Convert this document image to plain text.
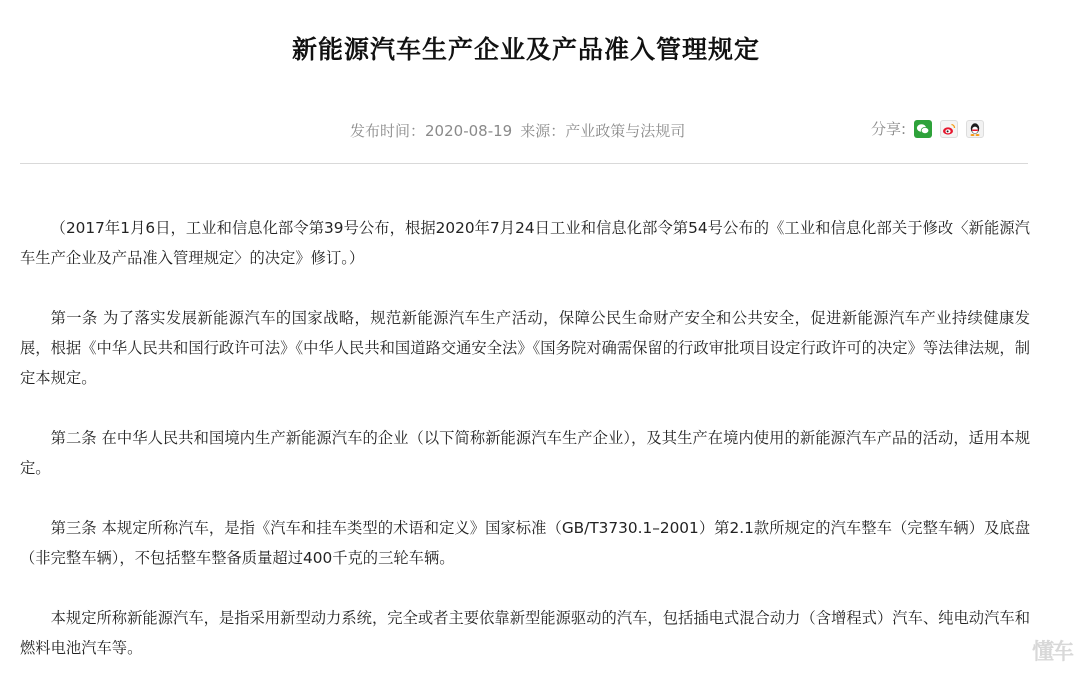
新能源汽车生产企业及产品准入管理规定
发布时间：2020-08-19 来源：产业政策与法规司	分享:

（2017年1月6日，工业和信息化部令第39号公布，根据2020年7月24日工业和信息化部令第54号公布的《工业和信息化部关于修改〈新能源汽车生产企业及产品准入管理规定〉的决定》修订。）

第一条 为了落实发展新能源汽车的国家战略，规范新能源汽车生产活动，保障公民生命财产安全和公共安全，促进新能源汽车产业持续健康发展，根据《中华人民共和国行政许可法》《中华人民共和国道路交通安全法》《国务院对确需保留的行政审批项目设定行政许可的决定》等法律法规，制定本规定。

第二条 在中华人民共和国境内生产新能源汽车的企业（以下简称新能源汽车生产企业），及其生产在境内使用的新能源汽车产品的活动，适用本规定。

第三条 本规定所称汽车，是指《汽车和挂车类型的术语和定义》国家标准（GB/T3730.1–2001）第2.1款所规定的汽车整车（完整车辆）及底盘（非完整车辆），不包括整车整备质量超过400千克的三轮车辆。

本规定所称新能源汽车，是指采用新型动力系统，完全或者主要依靠新型能源驱动的汽车，包括插电式混合动力（含增程式）汽车、纯电动汽车和燃料电池汽车等。	懂车
